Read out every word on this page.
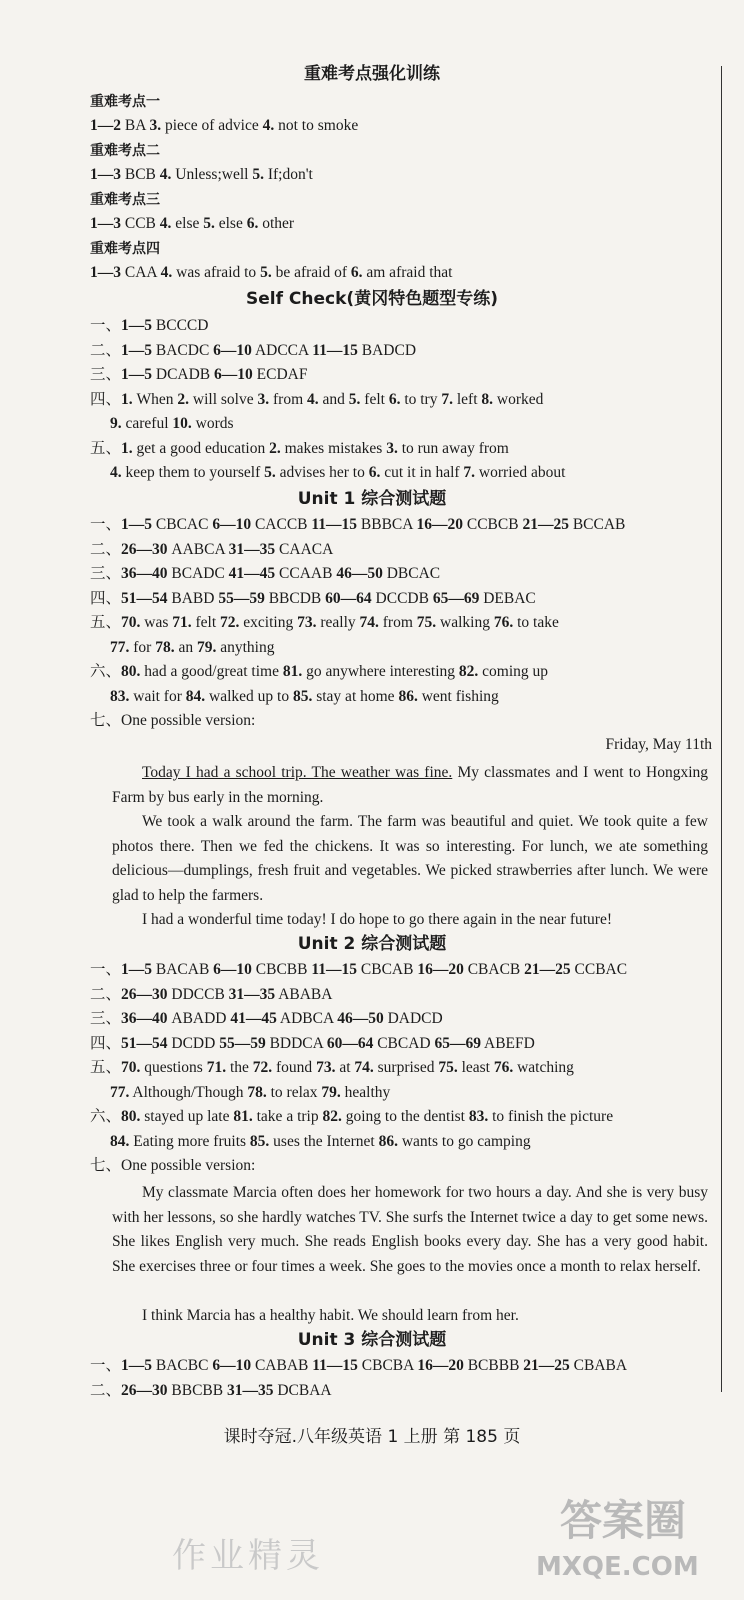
重难考点强化训练
重难考点一
1—2 BA 3. piece of advice 4. not to smoke
重难考点二
1—3 BCB 4. Unless;well 5. If;don't
重难考点三
1—3 CCB 4. else 5. else 6. other
重难考点四
1—3 CAA 4. was afraid to 5. be afraid of 6. am afraid that
Self Check(黄冈特色题型专练)
一、1—5 BCCCD
二、1—5 BACDC 6—10 ADCCA 11—15 BADCD
三、1—5 DCADB 6—10 ECDAF
四、1. When 2. will solve 3. from 4. and 5. felt 6. to try 7. left 8. worked
9. careful 10. words
五、1. get a good education 2. makes mistakes 3. to run away from
4. keep them to yourself 5. advises her to 6. cut it in half 7. worried about
Unit 1 综合测试题
一、1—5 CBCAC 6—10 CACCB 11—15 BBBCA 16—20 CCBCB 21—25 BCCAB
二、26—30 AABCA 31—35 CAACA
三、36—40 BCADC 41—45 CCAAB 46—50 DBCAC
四、51—54 BABD 55—59 BBCDB 60—64 DCCDB 65—69 DEBAC
五、70. was 71. felt 72. exciting 73. really 74. from 75. walking 76. to take
77. for 78. an 79. anything
六、80. had a good/great time 81. go anywhere interesting 82. coming up
83. wait for 84. walked up to 85. stay at home 86. went fishing
七、One possible version:
Friday, May 11th
Today I had a school trip. The weather was fine. My classmates and I went to Hongxing Farm by bus early in the morning.
We took a walk around the farm. The farm was beautiful and quiet. We took quite a few photos there. Then we fed the chickens. It was so interesting. For lunch, we ate something delicious—dumplings, fresh fruit and vegetables. We picked strawberries after lunch. We were glad to help the farmers.
I had a wonderful time today! I do hope to go there again in the near future!
Unit 2 综合测试题
一、1—5 BACAB 6—10 CBCBB 11—15 CBCAB 16—20 CBACB 21—25 CCBAC
二、26—30 DDCCB 31—35 ABABA
三、36—40 ABADD 41—45 ADBCA 46—50 DADCD
四、51—54 DCDD 55—59 BDDCA 60—64 CBCAD 65—69 ABEFD
五、70. questions 71. the 72. found 73. at 74. surprised 75. least 76. watching
77. Although/Though 78. to relax 79. healthy
六、80. stayed up late 81. take a trip 82. going to the dentist 83. to finish the picture
84. Eating more fruits 85. uses the Internet 86. wants to go camping
七、One possible version:
My classmate Marcia often does her homework for two hours a day. And she is very busy with her lessons, so she hardly watches TV. She surfs the Internet twice a day to get some news. She likes English very much. She reads English books every day. She has a very good habit. She exercises three or four times a week. She goes to the movies once a month to relax herself.
I think Marcia has a healthy habit. We should learn from her.
Unit 3 综合测试题
一、1—5 BACBC 6—10 CABAB 11—15 CBCBA 16—20 BCBBB 21—25 CBABA
二、26—30 BBCBB 31—35 DCBAA
课时夺冠.八年级英语 1 上册 第 185 页
作业精灵
答案圈
MXQE.COM
